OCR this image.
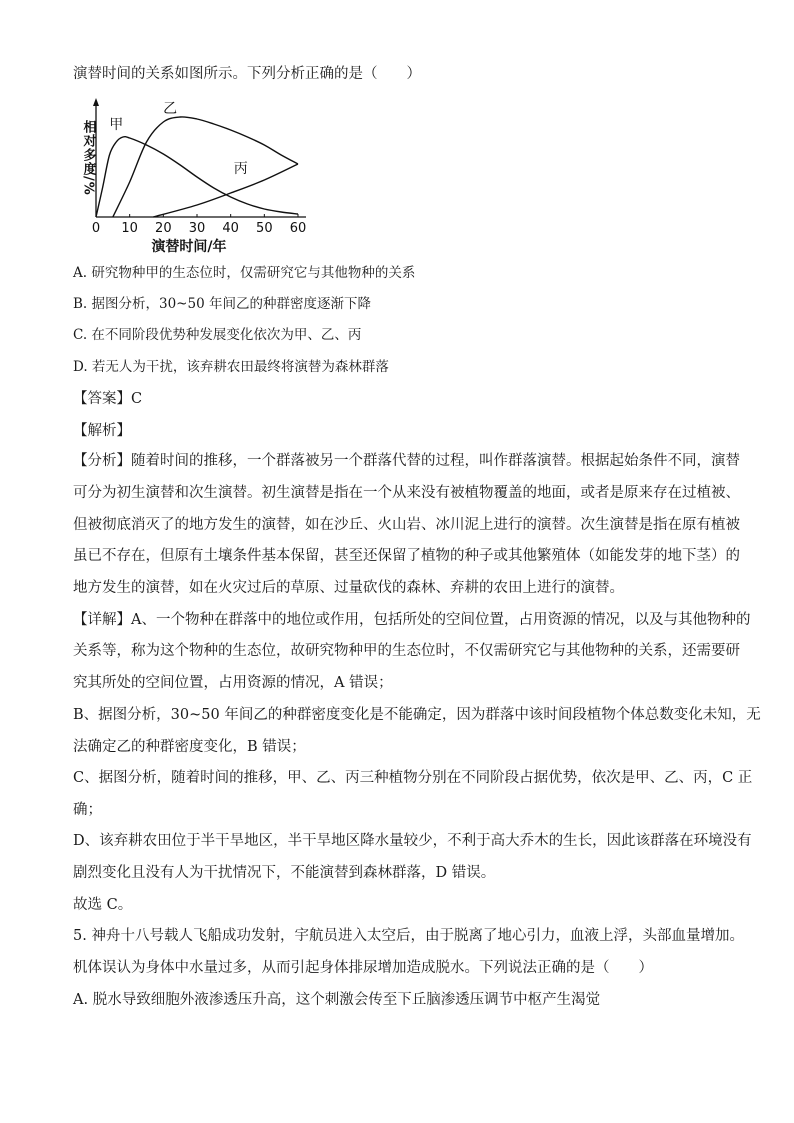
演替时间的关系如图所示。下列分析正确的是（　　）
0 10 20 30 40 50 60
演替时间/年
相对多度/% 甲
乙
丙
A. 研究物种甲的生态位时，仅需研究它与其他物种的关系
B. 据图分析，30~50 年间乙的种群密度逐渐下降
C. 在不同阶段优势种发展变化依次为甲、乙、丙
D. 若无人为干扰，该弃耕农田最终将演替为森林群落
【答案】C
【解析】
【分析】随着时间的推移，一个群落被另一个群落代替的过程，叫作群落演替。根据起始条件不同，演替
可分为初生演替和次生演替。初生演替是指在一个从来没有被植物覆盖的地面，或者是原来存在过植被、
但被彻底消灭了的地方发生的演替，如在沙丘、火山岩、冰川泥上进行的演替。次生演替是指在原有植被
虽已不存在，但原有土壤条件基本保留，甚至还保留了植物的种子或其他繁殖体（如能发芽的地下茎）的
地方发生的演替，如在火灾过后的草原、过量砍伐的森林、弃耕的农田上进行的演替。
【详解】A、一个物种在群落中的地位或作用，包括所处的空间位置，占用资源的情况，以及与其他物种的
关系等，称为这个物种的生态位，故研究物种甲的生态位时，不仅需研究它与其他物种的关系，还需要研
究其所处的空间位置，占用资源的情况，A 错误；
B、据图分析，30~50 年间乙的种群密度变化是不能确定，因为群落中该时间段植物个体总数变化未知，无
法确定乙的种群密度变化，B 错误；
C、据图分析，随着时间的推移，甲、乙、丙三种植物分别在不同阶段占据优势，依次是甲、乙、丙，C 正
确；
D、该弃耕农田位于半干旱地区，半干旱地区降水量较少，不利于高大乔木的生长，因此该群落在环境没有
剧烈变化且没有人为干扰情况下，不能演替到森林群落，D 错误。
故选 C。
5. 神舟十八号载人飞船成功发射，宇航员进入太空后，由于脱离了地心引力，血液上浮，头部血量增加。
机体误认为身体中水量过多，从而引起身体排尿增加造成脱水。下列说法正确的是（　　）
A. 脱水导致细胞外液渗透压升高，这个刺激会传至下丘脑渗透压调节中枢产生渴觉
